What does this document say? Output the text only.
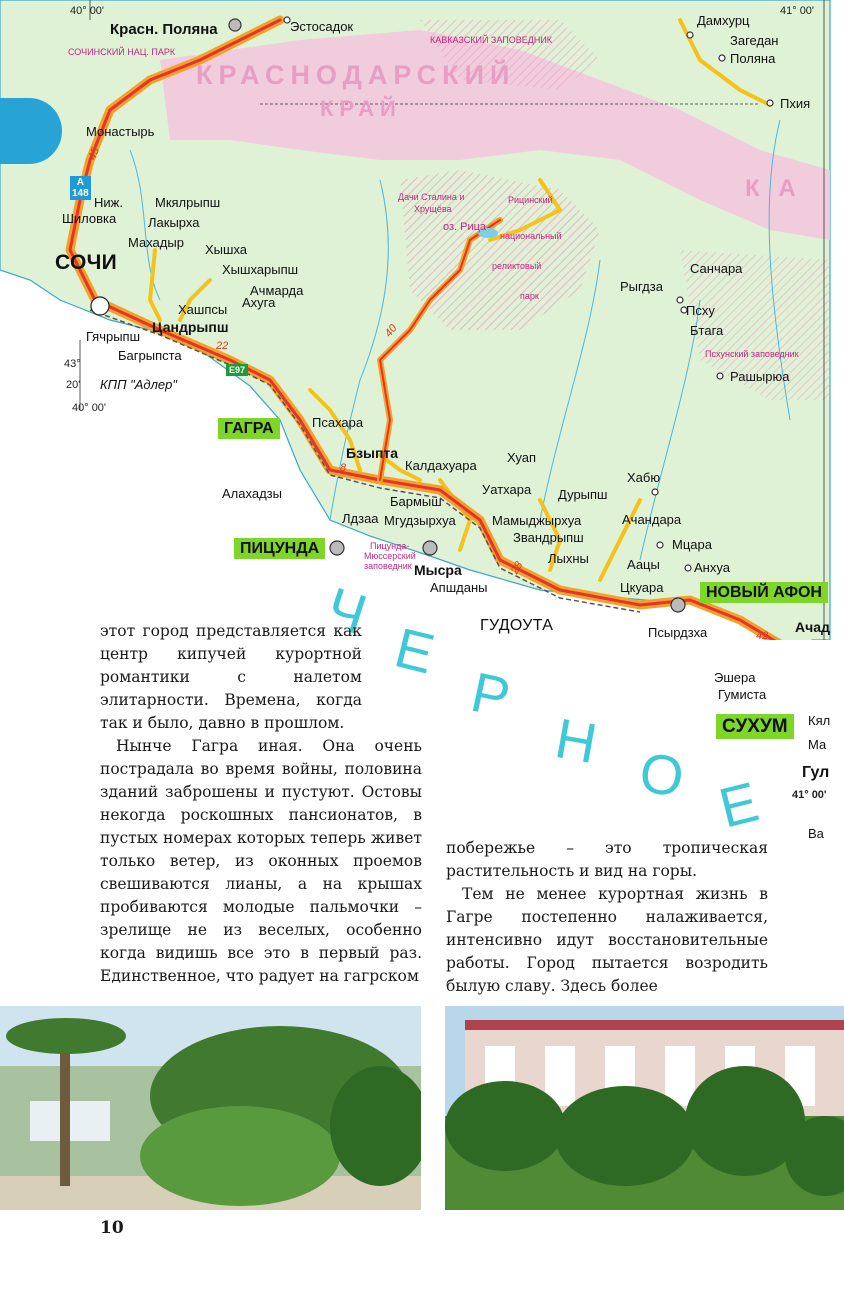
КРАСНОДАРСКИЙ
КРАЙ
К А
СОЧИНСКИЙ НАЦ. ПАРК
КАВКАЗСКИЙ ЗАПОВЕДНИК
Рицинский
национальный
реликтовый
парк
Дачи Сталина и
Хрущёва
оз. Рица
Пицунда-
Мюссерский
заповедник
Псхунский заповедник
40° 00'	41° 00'
43°
20'
40° 00'
41° 00'
45
40
22
8
28
42
А
148
E97
СОЧИ
ГАГРА
ПИЦУНДА
НОВЫЙ АФОН
СУХУМ
ГУДОУТА
Красн. Поляна	Эстосадок
Монастырь
Ниж.
Шиловка
Мкялрыпш
Лакырха
Махадыр Хышха
Хышхарыпш
Ачмарда
Хашпсы Ахуга
Цандрыпш
Гячрыпш
Багрыпста
КПП "Адлер"
Дамхурц
Загедан
Поляна
Пхия
Санчара
Рыгдза
Псху
Бтага
Рашырюа
Псахара
Бзыпта
Калдахуара
Хуап
Хабю
Алахадзы	Уатхара Дурыпш
Бармыш
Мгудзырхуа	Мамыджырхуа	Ачандара
Лдзаа
Звандрыпш
Лыхны
Мцара
Аацы	Анхуа
Мысра
Цкуара
Апшданы
Псырдзха	Ачад
Эшера
Гумиста
Кял
Ма
Гул
Ва
Ч
Е
Р
Н О Е

этот город представляется как центр кипучей курортной романтики с налетом элитарности. Времена, когда так и было, давно в прошлом.

Нынче Гагра иная. Она очень пострадала во время войны, половина зданий заброшены и пустуют. Остовы некогда роскошных пансионатов, в пустых номерах которых теперь живет только ветер, из оконных проемов свешиваются лианы, а на крышах пробиваются молодые пальмочки – зрелище не из веселых, особенно когда видишь все это в первый раз. Единственное, что радует на гагрском

побережье – это тропическая растительность и вид на горы.

Тем не менее курортная жизнь в Гагре постепенно налаживается, интенсивно идут восстановительные работы. Город пытается возродить былую славу. Здесь более

10
